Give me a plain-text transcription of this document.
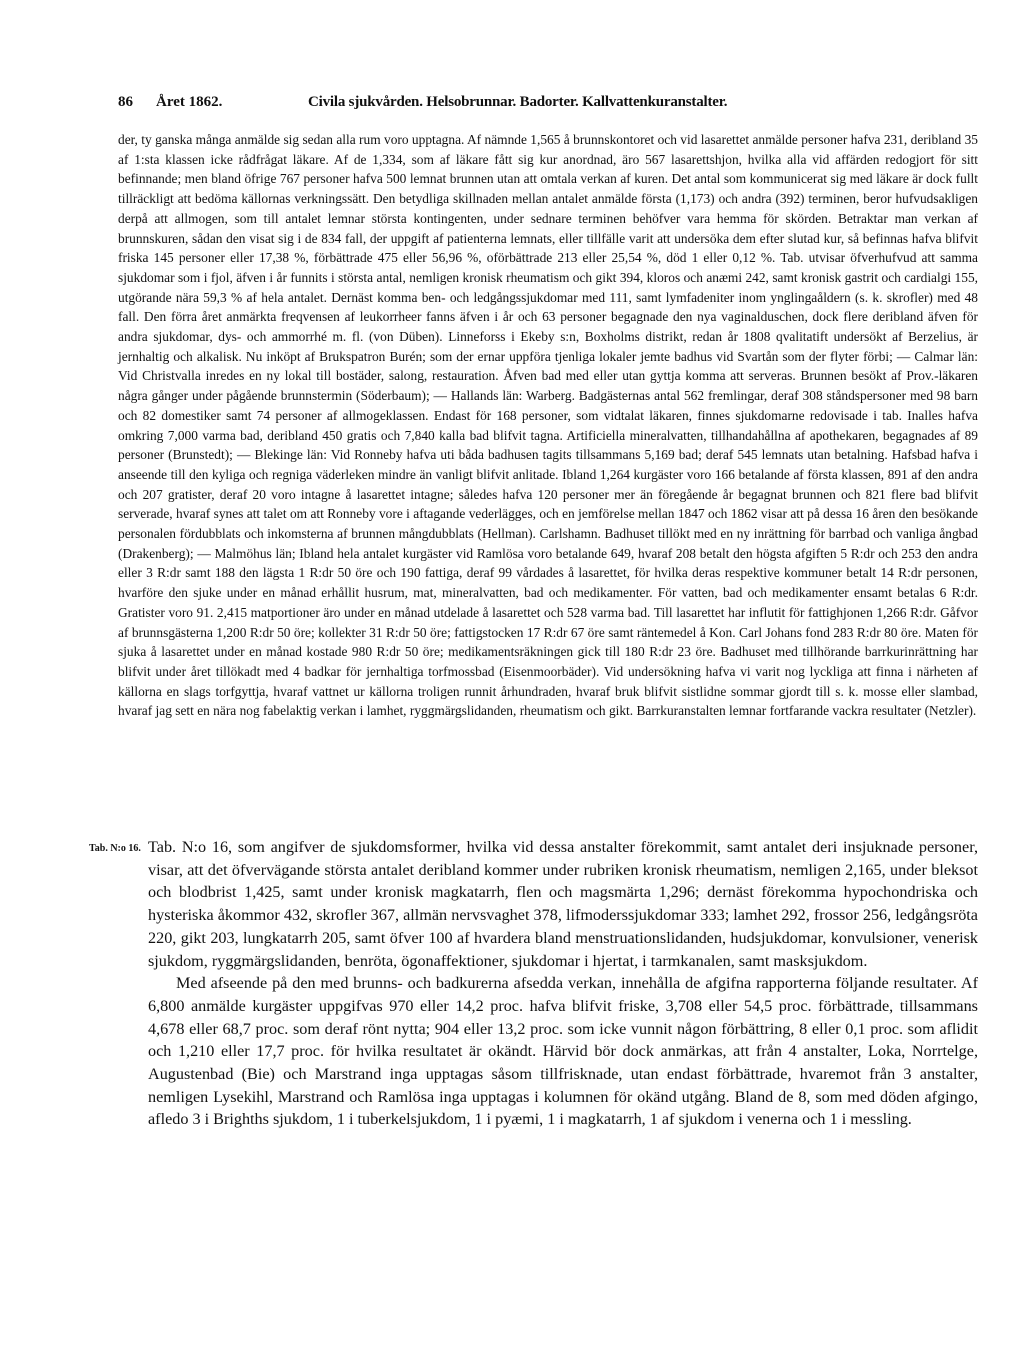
86 Året 1862.	Civila sjukvården. Helsobrunnar. Badorter. Kallvattenkuranstalter.

der, ty ganska många anmälde sig sedan alla rum voro upptagna. Af nämnde 1,565 å brunnskontoret och vid lasarettet anmälde personer hafva 231, deribland 35 af 1:sta klassen icke rådfrågat läkare. Af de 1,334, som af läkare fått sig kur anordnad, äro 567 lasarettshjon, hvilka alla vid affärden redogjort för sitt befinnande; men bland öfrige 767 personer hafva 500 lemnat brunnen utan att omtala verkan af kuren. Det antal som kommunicerat sig med läkare är dock fullt tillräckligt att bedöma källornas verkningssätt. Den betydliga skillnaden mellan antalet anmälde första (1,173) och andra (392) terminen, beror hufvudsakligen derpå att allmogen, som till antalet lemnar största kontingenten, under sednare terminen behöfver vara hemma för skörden. Betraktar man verkan af brunnskuren, sådan den visat sig i de 834 fall, der uppgift af patienterna lemnats, eller tillfälle varit att undersöka dem efter slutad kur, så befinnas hafva blifvit friska 145 personer eller 17,38 %, förbättrade 475 eller 56,96 %, oförbättrade 213 eller 25,54 %, död 1 eller 0,12 %. Tab. utvisar öfverhufvud att samma sjukdomar som i fjol, äfven i år funnits i största antal, nemligen kronisk rheumatism och gikt 394, kloros och anæmi 242, samt kronisk gastrit och cardialgi 155, utgörande nära 59,3 % af hela antalet. Dernäst komma ben- och ledgångssjukdomar med 111, samt lymfadeniter inom ynglingaåldern (s. k. skrofler) med 48 fall. Den förra året anmärkta freqvensen af leukorrheer fanns äfven i år och 63 personer begagnade den nya vaginalduschen, dock flere deribland äfven för andra sjukdomar, dys- och ammorrhé m. fl. (von Düben). Linneforss i Ekeby s:n, Boxholms distrikt, redan år 1808 qvalitatift undersökt af Berzelius, är jernhaltig och alkalisk. Nu inköpt af Brukspatron Burén; som der ernar uppföra tjenliga lokaler jemte badhus vid Svartån som der flyter förbi; — Calmar län: Vid Christvalla inredes en ny lokal till bostäder, salong, restauration. Åfven bad med eller utan gyttja komma att serveras. Brunnen besökt af Prov.-läkaren några gånger under pågående brunnstermin (Söderbaum); — Hallands län: Warberg. Badgästernas antal 562 fremlingar, deraf 308 ståndspersoner med 98 barn och 82 domestiker samt 74 personer af allmogeklassen. Endast för 168 personer, som vidtalat läkaren, finnes sjukdomarne redovisade i tab. Inalles hafva omkring 7,000 varma bad, deribland 450 gratis och 7,840 kalla bad blifvit tagna. Artificiella mineralvatten, tillhandahållna af apothekaren, begagnades af 89 personer (Brunstedt); — Blekinge län: Vid Ronneby hafva uti båda badhusen tagits tillsammans 5,169 bad; deraf 545 lemnats utan betalning. Hafsbad hafva i anseende till den kyliga och regniga väderleken mindre än vanligt blifvit anlitade. Ibland 1,264 kurgäster voro 166 betalande af första klassen, 891 af den andra och 207 gratister, deraf 20 voro intagne å lasarettet intagne; således hafva 120 personer mer än föregående år begagnat brunnen och 821 flere bad blifvit serverade, hvaraf synes att talet om att Ronneby vore i aftagande vederlägges, och en jemförelse mellan 1847 och 1862 visar att på dessa 16 åren den besökande personalen fördubblats och inkomsterna af brunnen mångdubblats (Hellman). Carlshamn. Badhuset tillökt med en ny inrättning för barrbad och vanliga ångbad (Drakenberg); — Malmöhus län; Ibland hela antalet kurgäster vid Ramlösa voro betalande 649, hvaraf 208 betalt den högsta afgiften 5 R:dr och 253 den andra eller 3 R:dr samt 188 den lägsta 1 R:dr 50 öre och 190 fattiga, deraf 99 vårdades å lasarettet, för hvilka deras respektive kommuner betalt 14 R:dr personen, hvarföre den sjuke under en månad erhållit husrum, mat, mineralvatten, bad och medikamenter. För vatten, bad och medikamenter ensamt betalas 6 R:dr. Gratister voro 91. 2,415 matportioner äro under en månad utdelade å lasarettet och 528 varma bad. Till lasarettet har influtit för fattighjonen 1,266 R:dr. Gåfvor af brunnsgästerna 1,200 R:dr 50 öre; kollekter 31 R:dr 50 öre; fattigstocken 17 R:dr 67 öre samt räntemedel å Kon. Carl Johans fond 283 R:dr 80 öre. Maten för sjuka å lasarettet under en månad kostade 980 R:dr 50 öre; medikamentsräkningen gick till 180 R:dr 23 öre. Badhuset med tillhörande barrkurinrättning har blifvit under året tillökadt med 4 badkar för jernhaltiga torfmossbad (Eisenmoorbäder). Vid undersökning hafva vi varit nog lyckliga att finna i närheten af källorna en slags torfgyttja, hvaraf vattnet ur källorna troligen runnit århundraden, hvaraf bruk blifvit sistlidne sommar gjordt till s. k. mosse eller slambad, hvaraf jag sett en nära nog fabelaktig verkan i lamhet, ryggmärgslidanden, rheumatism och gikt. Barrkuranstalten lemnar fortfarande vackra resultater (Netzler).

Tab. N:o 16. Tab. N:o 16, som angifver de sjukdomsformer, hvilka vid dessa anstalter förekommit, samt antalet deri insjuknade personer, visar, att det öfvervägande största antalet deribland kommer under rubriken kronisk rheumatism, nemligen 2,165, under bleksot och blodbrist 1,425, samt under kronisk magkatarrh, flen och magsmärta 1,296; dernäst förekomma hypochondriska och hysteriska åkommor 432, skrofler 367, allmän nervsvaghet 378, lifmoderssjukdomar 333; lamhet 292, frossor 256, ledgångsröta 220, gikt 203, lungkatarrh 205, samt öfver 100 af hvardera bland menstruationslidanden, hudsjukdomar, konvulsioner, venerisk sjukdom, ryggmärgslidanden, benröta, ögonaffektioner, sjukdomar i hjertat, i tarmkanalen, samt masksjukdom.

Med afseende på den med brunns- och badkurerna afsedda verkan, innehålla de afgifna rapporterna följande resultater. Af 6,800 anmälde kurgäster uppgifvas 970 eller 14,2 proc. hafva blifvit friske, 3,708 eller 54,5 proc. förbättrade, tillsammans 4,678 eller 68,7 proc. som deraf rönt nytta; 904 eller 13,2 proc. som icke vunnit någon förbättring, 8 eller 0,1 proc. som aflidit och 1,210 eller 17,7 proc. för hvilka resultatet är okändt. Härvid bör dock anmärkas, att från 4 anstalter, Loka, Norrtelge, Augustenbad (Bie) och Marstrand inga upptagas såsom tillfrisknade, utan endast förbättrade, hvaremot från 3 anstalter, nemligen Lysekihl, Marstrand och Ramlösa inga upptagas i kolumnen för okänd utgång. Bland de 8, som med döden afgingo, afledo 3 i Brighths sjukdom, 1 i tuberkelsjukdom, 1 i pyæmi, 1 i magkatarrh, 1 af sjukdom i venerna och 1 i messling.
